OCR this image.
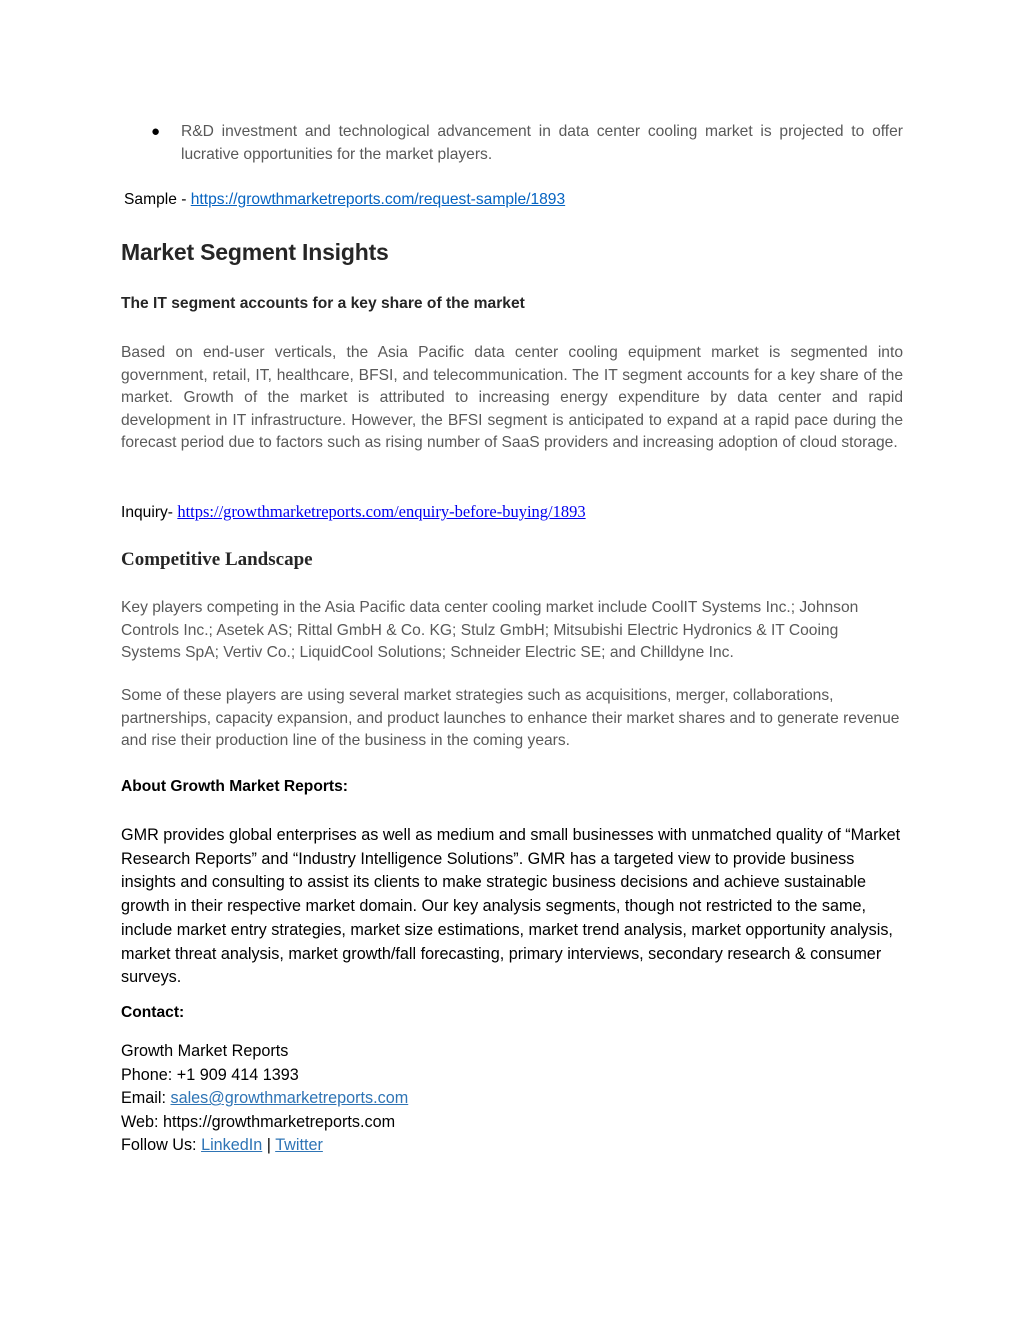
● R&D investment and technological advancement in data center cooling market is projected to offer lucrative opportunities for the market players.
Sample - https://growthmarketreports.com/request-sample/1893
Market Segment Insights
The IT segment accounts for a key share of the market
Based on end-user verticals, the Asia Pacific data center cooling equipment market is segmented into government, retail, IT, healthcare, BFSI, and telecommunication. The IT segment accounts for a key share of the market. Growth of the market is attributed to increasing energy expenditure by data center and rapid development in IT infrastructure. However, the BFSI segment is anticipated to expand at a rapid pace during the forecast period due to factors such as rising number of SaaS providers and increasing adoption of cloud storage.
Inquiry- https://growthmarketreports.com/enquiry-before-buying/1893
Competitive Landscape
Key players competing in the Asia Pacific data center cooling market include CoolIT Systems Inc.; Johnson Controls Inc.; Asetek AS; Rittal GmbH & Co. KG; Stulz GmbH; Mitsubishi Electric Hydronics & IT Cooing Systems SpA; Vertiv Co.; LiquidCool Solutions; Schneider Electric SE; and Chilldyne Inc.
Some of these players are using several market strategies such as acquisitions, merger, collaborations, partnerships, capacity expansion, and product launches to enhance their market shares and to generate revenue and rise their production line of the business in the coming years.
About Growth Market Reports:
GMR provides global enterprises as well as medium and small businesses with unmatched quality of “Market Research Reports” and “Industry Intelligence Solutions”. GMR has a targeted view to provide business insights and consulting to assist its clients to make strategic business decisions and achieve sustainable growth in their respective market domain. Our key analysis segments, though not restricted to the same, include market entry strategies, market size estimations, market trend analysis, market opportunity analysis, market threat analysis, market growth/fall forecasting, primary interviews, secondary research & consumer surveys.
Contact:
Growth Market Reports
Phone: +1 909 414 1393
Email: sales@growthmarketreports.com
Web: https://growthmarketreports.com
Follow Us: LinkedIn | Twitter
